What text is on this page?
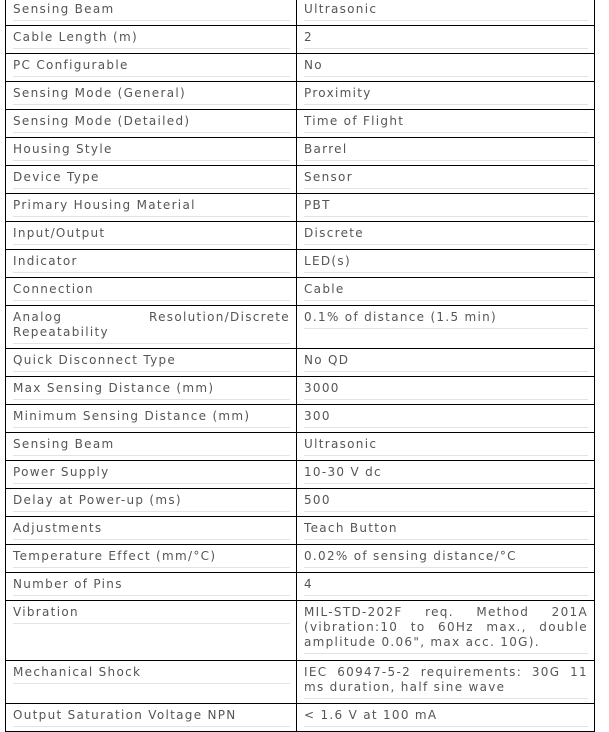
Sensing Beam	Ultrasonic

Cable Length (m)	2

PC Configurable	No

Sensing Mode (General)	Proximity

Sensing Mode (Detailed)	Time of Flight

Housing Style	Barrel

Device Type	Sensor

Primary Housing Material	PBT

Input/Output	Discrete

Indicator	LED(s)

Connection	Cable

Analog Resolution/Discrete Repeatability	0.1% of distance (1.5 min)

Quick Disconnect Type	No QD

Max Sensing Distance (mm)	3000

Minimum Sensing Distance (mm)	300

Sensing Beam	Ultrasonic

Power Supply	10-30 V dc

Delay at Power-up (ms)	500

Adjustments	Teach Button

Temperature Effect (mm/°C)	0.02% of sensing distance/°C

Number of Pins	4

Vibration	MIL-STD-202F req. Method 201A (vibration:10 to 60Hz max., double amplitude 0.06", max acc. 10G).

Mechanical Shock	IEC 60947-5-2 requirements: 30G 11 ms duration, half sine wave

Output Saturation Voltage NPN	< 1.6 V at 100 mA
